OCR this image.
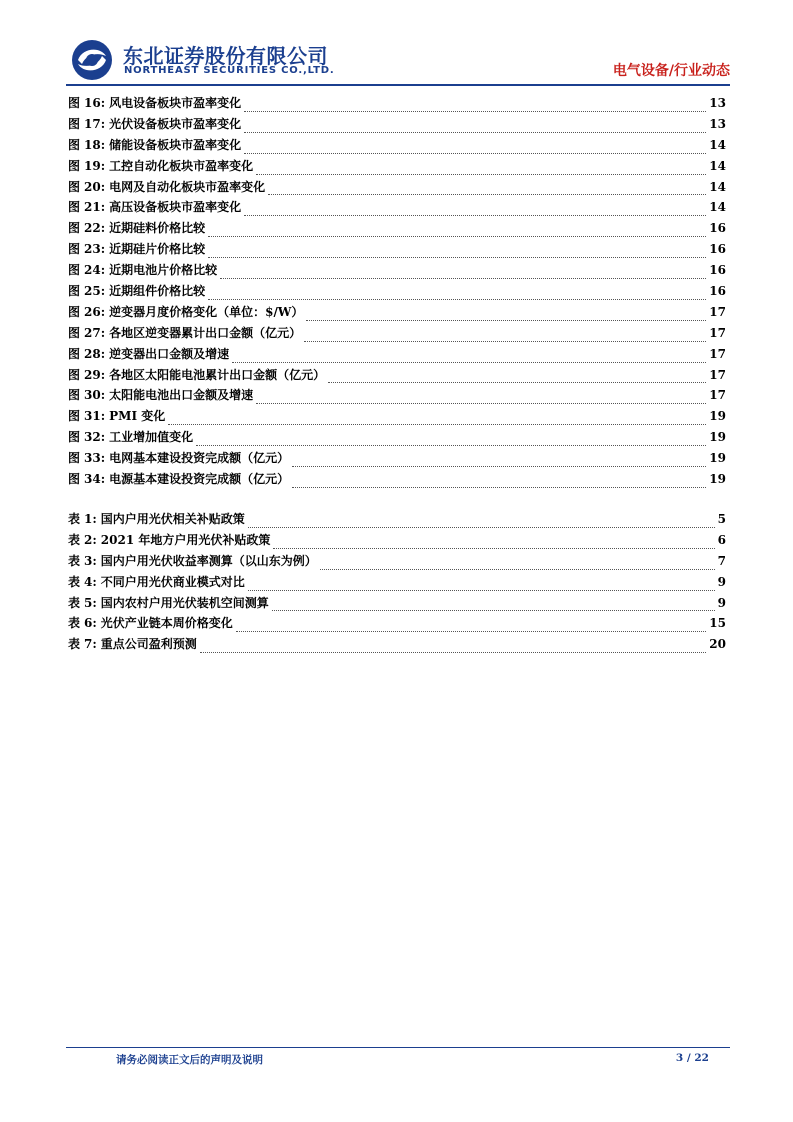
东北证券股份有限公司
NORTHEAST SECURITIES CO.,LTD.	电气设备/行业动态
图 16: 风电设备板块市盈率变化	13
图 17: 光伏设备板块市盈率变化	13
图 18: 储能设备板块市盈率变化	14
图 19: 工控自动化板块市盈率变化	14
图 20: 电网及自动化板块市盈率变化	14
图 21: 高压设备板块市盈率变化	14
图 22: 近期硅料价格比较	16
图 23: 近期硅片价格比较	16
图 24: 近期电池片价格比较	16
图 25: 近期组件价格比较	16
图 26: 逆变器月度价格变化（单位：$/W）	17
图 27: 各地区逆变器累计出口金额（亿元）	17
图 28: 逆变器出口金额及增速	17
图 29: 各地区太阳能电池累计出口金额（亿元）	17
图 30: 太阳能电池出口金额及增速	17
图 31: PMI 变化	19
图 32: 工业增加值变化	19
图 33: 电网基本建设投资完成额（亿元）	19
图 34: 电源基本建设投资完成额（亿元）	19
表 1: 国内户用光伏相关补贴政策	5
表 2: 2021 年地方户用光伏补贴政策	6
表 3: 国内户用光伏收益率测算（以山东为例）	7
表 4: 不同户用光伏商业模式对比	9
表 5: 国内农村户用光伏装机空间测算	9
表 6: 光伏产业链本周价格变化	15
表 7: 重点公司盈利预测	20
请务必阅读正文后的声明及说明	3 / 22
